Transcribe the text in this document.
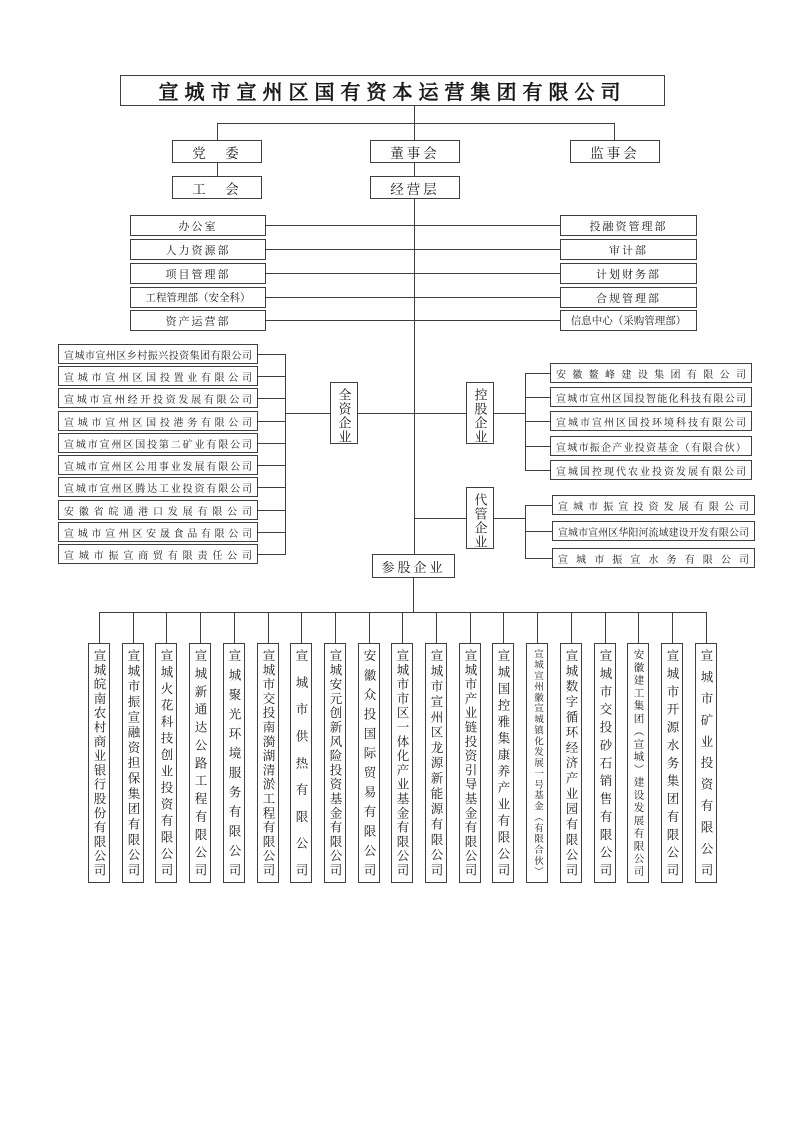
宣城市宣州区国有资本运营集团有限公司
党　委	董事会	监事会
工　会	经营层
办公室
人力资源部
项目管理部
工程管理部（安全科）
资产运营部
投融资管理部
审计部
计划财务部
合规管理部
信息中心（采购管理部）
宣城市宣州区乡村振兴投资集团有限公司
宣城市宣州区国投置业有限公司
宣城市宣州经开投资发展有限公司
宣城市宣州区国投港务有限公司
宣城市宣州区国投第二矿业有限公司
宣城市宣州区公用事业发展有限公司
宣城市宣州区腾达工业投资有限公司
安徽省皖通港口发展有限公司
宣城市宣州区安晟食品有限公司
宣城市振宣商贸有限责任公司
全资企业	控股企业
代管企业
参股企业
安徽鳌峰建设集团有限公司
宣城市宣州区国投智能化科技有限公司
宣城市宣州区国投环境科技有限公司
宣城市振企产业投资基金（有限合伙）
宣城国控现代农业投资发展有限公司
宣城市振宣投资发展有限公司
宣城市宣州区华阳河流域建设开发有限公司
宣城市振宣水务有限公司
宣城皖南农村商业银行股份有限公司 宣城市振宣融资担保集团有限公司 宣城火花科技创业投资有限公司 宣城新通达公路工程有限公司 宣城聚光环境服务有限公司 宣城市交投南漪湖清淤工程有限公司 宣城市供热有限公司 宣城安元创新风险投资基金有限公司 安徽众投国际贸易有限公司 宣城市市区一体化产业基金有限公司 宣城市宣州区龙源新能源有限公司 宣城市产业链投资引导基金有限公司 宣城国控雅集康养产业有限公司 宣城宣州徽宣城镇化发展一号基金（有限合伙） 宣城数字循环经济产业园有限公司 宣城市交投砂石销售有限公司 安徽建工集团（宣城）建设发展有限公司 宣城市开源水务集团有限公司 宣城市矿业投资有限公司
